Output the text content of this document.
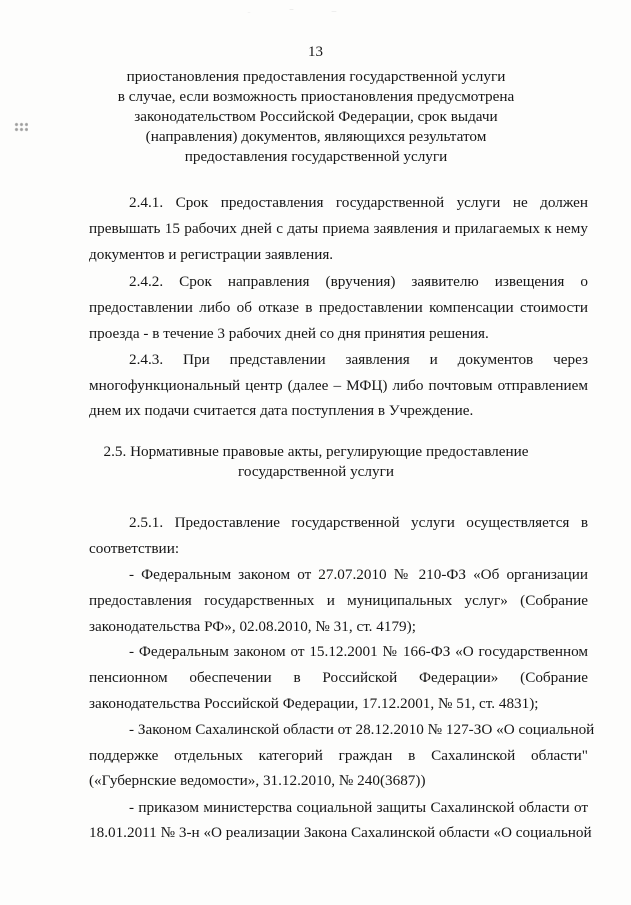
13
приостановления предоставления государственной услуги
в случае, если возможность приостановления предусмотрена
законодательством Российской Федерации, срок выдачи
(направления) документов, являющихся результатом
предоставления государственной услуги
2.4.1. Срок предоставления государственной услуги не должен
превышать 15 рабочих дней с даты приема заявления и прилагаемых к нему
документов и регистрации заявления.
2.4.2. Срок направления (вручения) заявителю извещения о
предоставлении либо об отказе в предоставлении компенсации стоимости
проезда - в течение 3 рабочих дней со дня принятия решения.
2.4.3. При представлении заявления и документов через
многофункциональный центр (далее – МФЦ) либо почтовым отправлением
днем их подачи считается дата поступления в Учреждение.
2.5. Нормативные правовые акты, регулирующие предоставление
государственной услуги
2.5.1. Предоставление государственной услуги осуществляется в
соответствии:
- Федеральным законом от 27.07.2010 № 210-ФЗ «Об организации
предоставления государственных и муниципальных услуг» (Собрание
законодательства РФ», 02.08.2010, № 31, ст. 4179);
- Федеральным законом от 15.12.2001 № 166-ФЗ «О государственном
пенсионном обеспечении в Российской Федерации» (Собрание
законодательства Российской Федерации, 17.12.2001, № 51, ст. 4831);
- Законом Сахалинской области от 28.12.2010 № 127-ЗО «О социальной
поддержке отдельных категорий граждан в Сахалинской области"
(«Губернские ведомости», 31.12.2010, № 240(3687))
- приказом министерства социальной защиты Сахалинской области от
18.01.2011 № 3-н «О реализации Закона Сахалинской области «О социальной
